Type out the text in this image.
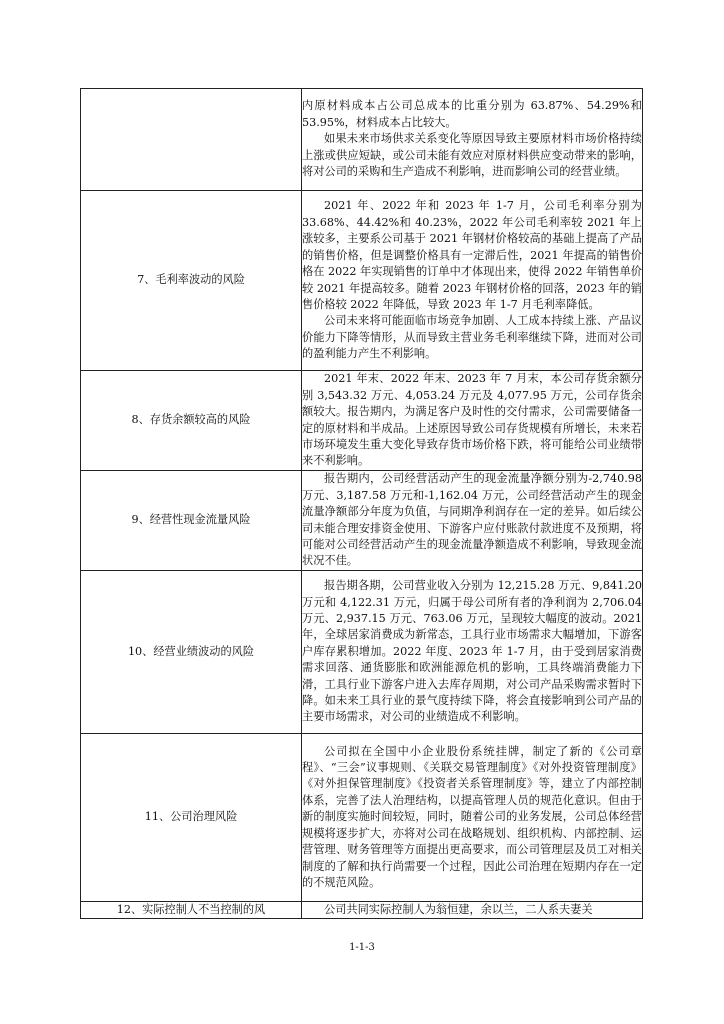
	内原材料成本占公司总成本的比重分别为 63.87%、54.29%和 53.95%，材料成本占比较大。

如果未来市场供求关系变化等原因导致主要原材料市场价格持续上涨或供应短缺，或公司未能有效应对原材料供应变动带来的影响，将对公司的采购和生产造成不利影响，进而影响公司的经营业绩。

7、毛利率波动的风险	2021 年、2022 年和 2023 年 1-7 月，公司毛利率分别为 33.68%、44.42%和 40.23%，2022 年公司毛利率较 2021 年上涨较多，主要系公司基于 2021 年钢材价格较高的基础上提高了产品的销售价格，但是调整价格具有一定滞后性，2021 年提高的销售价格在 2022 年实现销售的订单中才体现出来，使得 2022 年销售单价较 2021 年提高较多。随着 2023 年钢材价格的回落，2023 年的销售价格较 2022 年降低，导致 2023 年 1-7 月毛利率降低。

公司未来将可能面临市场竞争加剧、人工成本持续上涨、产品议价能力下降等情形，从而导致主营业务毛利率继续下降，进而对公司的盈利能力产生不利影响。

8、存货余额较高的风险	2021 年末、2022 年末、2023 年 7 月末，本公司存货余额分别 3,543.32 万元、4,053.24 万元及 4,077.95 万元，公司存货余额较大。报告期内，为满足客户及时性的交付需求，公司需要储备一定的原材料和半成品。上述原因导致公司存货规模有所增长，未来若市场环境发生重大变化导致存货市场价格下跌，将可能给公司业绩带来不利影响。

9、经营性现金流量风险	报告期内，公司经营活动产生的现金流量净额分别为-2,740.98 万元、3,187.58 万元和-1,162.04 万元，公司经营活动产生的现金流量净额部分年度为负值，与同期净利润存在一定的差异。如后续公司未能合理安排资金使用、下游客户应付账款付款进度不及预期，将可能对公司经营活动产生的现金流量净额造成不利影响，导致现金流状况不佳。

10、经营业绩波动的风险	报告期各期，公司营业收入分别为 12,215.28 万元、9,841.20 万元和 4,122.31 万元，归属于母公司所有者的净利润为 2,706.04 万元、2,937.15 万元、763.06 万元，呈现较大幅度的波动。2021 年，全球居家消费成为新常态，工具行业市场需求大幅增加，下游客户库存累积增加。2022 年度、2023 年 1-7 月，由于受到居家消费需求回落、通货膨胀和欧洲能源危机的影响，工具终端消费能力下滑，工具行业下游客户进入去库存周期，对公司产品采购需求暂时下降。如未来工具行业的景气度持续下降，将会直接影响到公司产品的主要市场需求，对公司的业绩造成不利影响。

11、公司治理风险	公司拟在全国中小企业股份系统挂牌，制定了新的《公司章程》、“三会”议事规则、《关联交易管理制度》《对外投资管理制度》《对外担保管理制度》《投资者关系管理制度》等，建立了内部控制体系，完善了法人治理结构，以提高管理人员的规范化意识。但由于新的制度实施时间较短，同时，随着公司的业务发展，公司总体经营规模将逐步扩大，亦将对公司在战略规划、组织机构、内部控制、运营管理、财务管理等方面提出更高要求，而公司管理层及员工对相关制度的了解和执行尚需要一个过程，因此公司治理在短期内存在一定的不规范风险。

12、实际控制人不当控制的风	公司共同实际控制人为翁恒建，余以兰，二人系夫妻关

1-1-3
